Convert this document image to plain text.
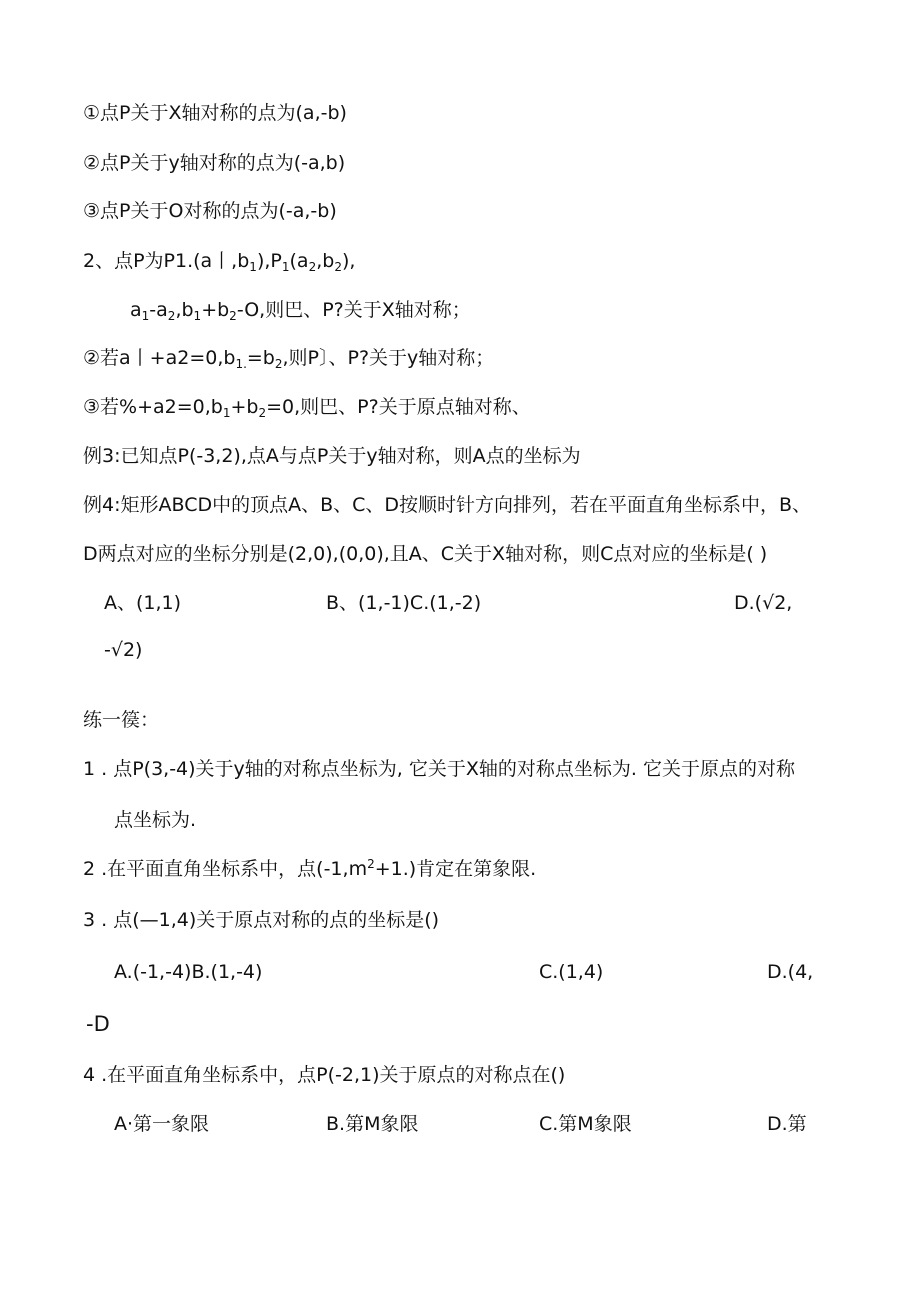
①点P关于X轴对称的点为(a,-b)
②点P关于y轴对称的点为(-a,b)
③点P关于O对称的点为(-a,-b)
2、点P为P1.(a丨$,b_1),P_1(a_2,b_2)$,
$a_1-a_2,b_1+b_2-O$,则巴、P?关于X轴对称；
②若a丨$+a2=0,b_{1.}=b_2$,则P〕、P?关于y轴对称；
③若$\%+a2=0,b_1+b_2=0$,则巴、P?关于原点轴对称、
例3:已知点P(-3,2),点A与点P关于y轴对称，则A点的坐标为
例4:矩形ABCD中的顶点A、B、C、D按顺时针方向排列，若在平面直角坐标系中，B、
D两点对应的坐标分别是(2,0),(0,0),且A、C关于X轴对称，则C点对应的坐标是( )
A、(1,1)	B、(1,-1)C.(1,-2)	D.(√2,
-√2)
练一篌：
1 . 点P(3,-4)关于y轴的对称点坐标为, 它关于X轴的对称点坐标为. 它关于原点的对称
点坐标为.
2 .在平面直角坐标系中，点$(-1,m^2+1.)$肯定在第象限.
3 . 点(—1,4)关于原点对称的点的坐标是()
A.(-1,-4)B.(1,-4)	C.(1,4)	D.(4,
-D
4 .在平面直角坐标系中，点P(-2,1)关于原点的对称点在()
A·第一象限	B.第M象限	C.第M象限	D.第
